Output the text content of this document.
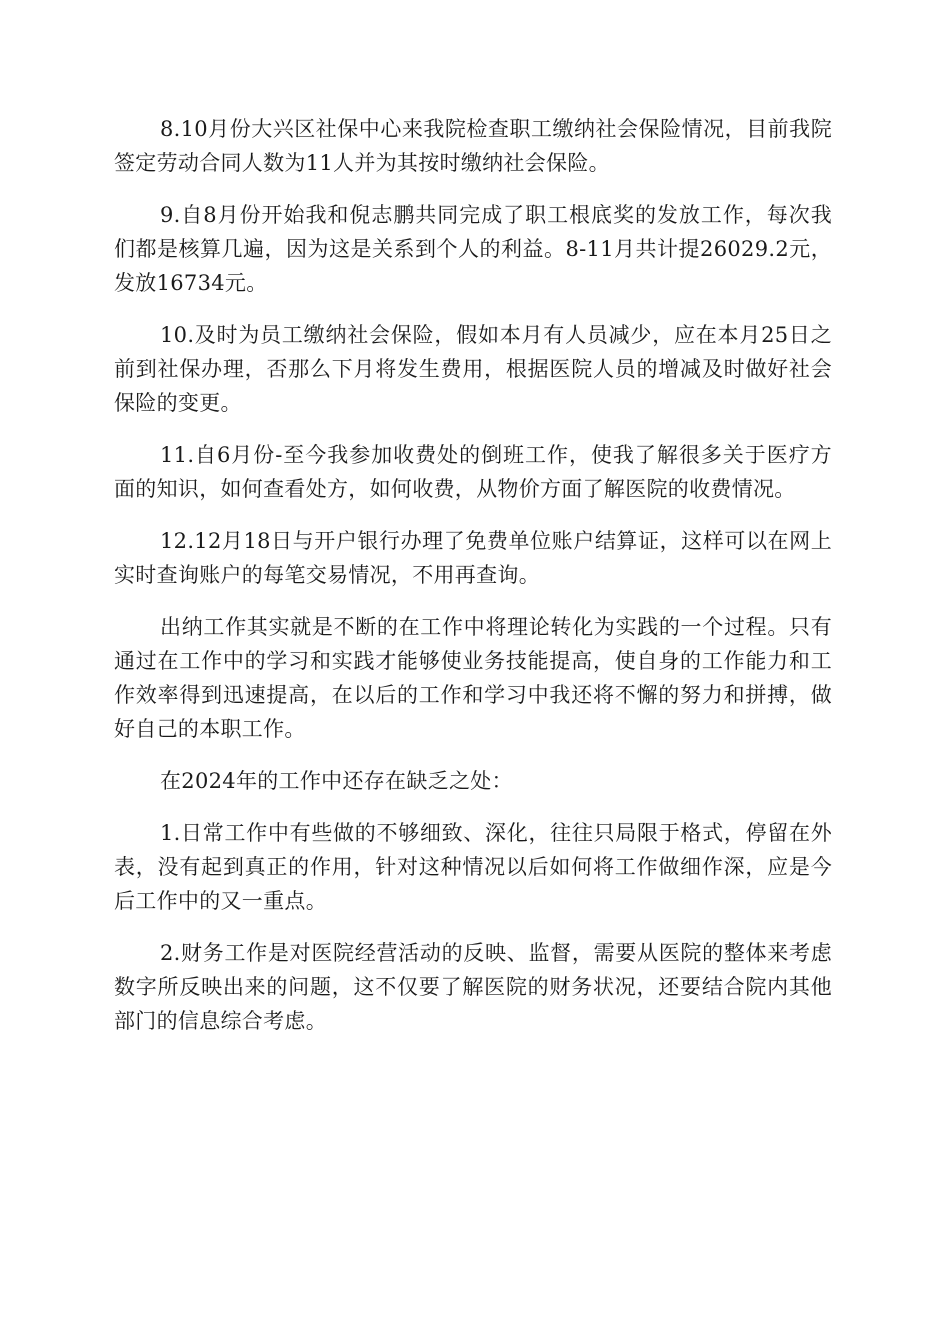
8.10月份大兴区社保中心来我院检查职工缴纳社会保险情况，目前我院签定劳动合同人数为11人并为其按时缴纳社会保险。

9.自8月份开始我和倪志鹏共同完成了职工根底奖的发放工作，每次我们都是核算几遍，因为这是关系到个人的利益。8-11月共计提26029.2元，发放16734元。

10.及时为员工缴纳社会保险，假如本月有人员减少，应在本月25日之前到社保办理，否那么下月将发生费用，根据医院人员的增减及时做好社会保险的变更。

11.自6月份-至今我参加收费处的倒班工作，使我了解很多关于医疗方面的知识，如何查看处方，如何收费，从物价方面了解医院的收费情况。

12.12月18日与开户银行办理了免费单位账户结算证，这样可以在网上实时查询账户的每笔交易情况，不用再查询。

出纳工作其实就是不断的在工作中将理论转化为实践的一个过程。只有通过在工作中的学习和实践才能够使业务技能提高，使自身的工作能力和工作效率得到迅速提高，在以后的工作和学习中我还将不懈的努力和拼搏，做好自己的本职工作。

在2024年的工作中还存在缺乏之处：

1.日常工作中有些做的不够细致、深化，往往只局限于格式，停留在外表，没有起到真正的作用，针对这种情况以后如何将工作做细作深，应是今后工作中的又一重点。

2.财务工作是对医院经营活动的反映、监督，需要从医院的整体来考虑数字所反映出来的问题，这不仅要了解医院的财务状况，还要结合院内其他部门的信息综合考虑。
